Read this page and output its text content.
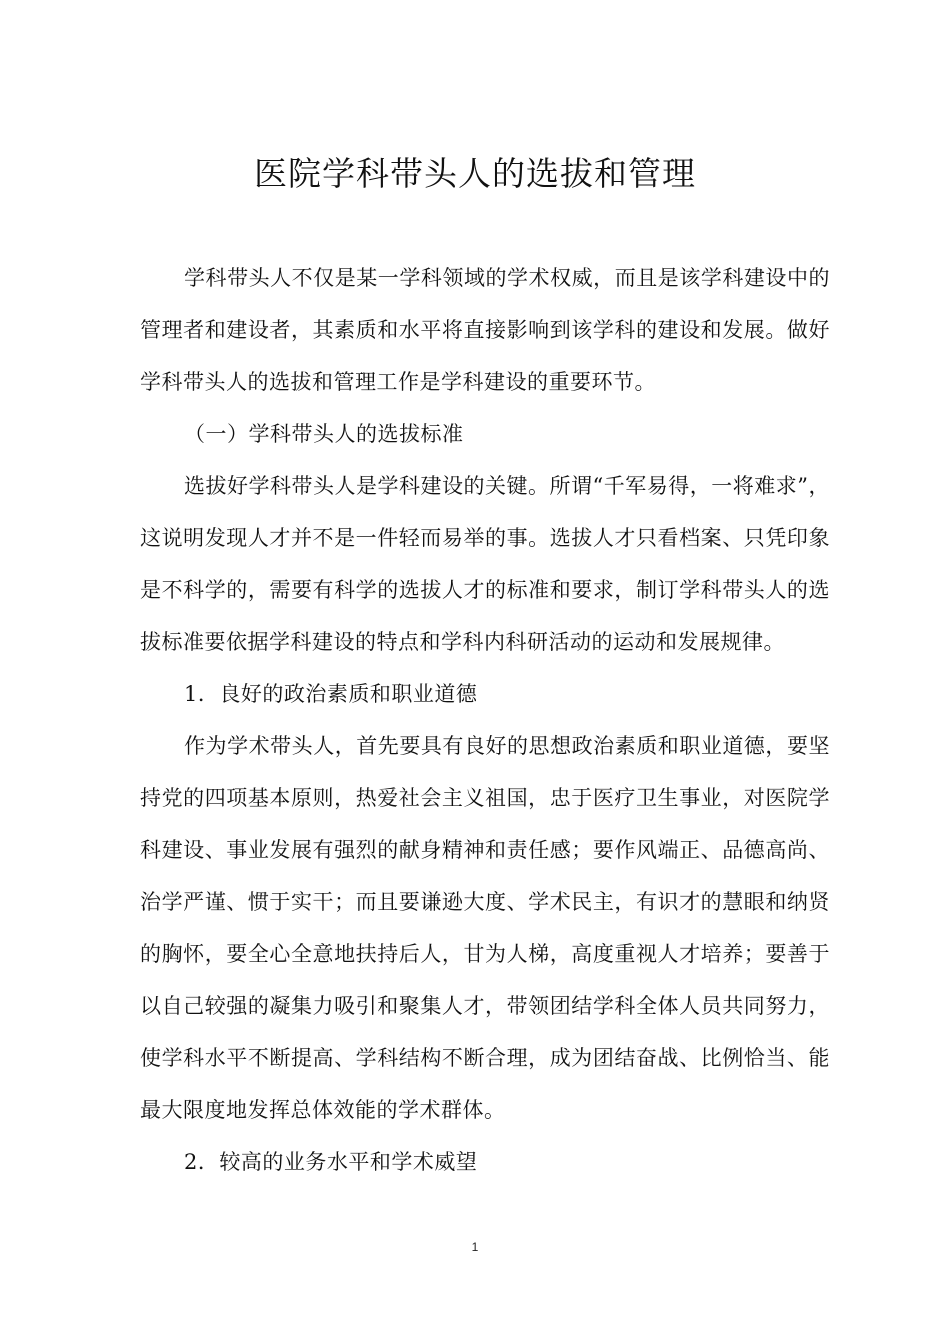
医院学科带头人的选拔和管理

学科带头人不仅是某一学科领域的学术权威，而且是该学科建设中的管理者和建设者，其素质和水平将直接影响到该学科的建设和发展。做好学科带头人的选拔和管理工作是学科建设的重要环节。

（一）学科带头人的选拔标准

选拔好学科带头人是学科建设的关键。所谓“千军易得，一将难求”，这说明发现人才并不是一件轻而易举的事。选拔人才只看档案、只凭印象是不科学的，需要有科学的选拔人才的标准和要求，制订学科带头人的选拔标准要依据学科建设的特点和学科内科研活动的运动和发展规律。

1．良好的政治素质和职业道德

作为学术带头人，首先要具有良好的思想政治素质和职业道德，要坚持党的四项基本原则，热爱社会主义祖国，忠于医疗卫生事业，对医院学科建设、事业发展有强烈的献身精神和责任感；要作风端正、品德高尚、治学严谨、惯于实干；而且要谦逊大度、学术民主，有识才的慧眼和纳贤的胸怀，要全心全意地扶持后人，甘为人梯，高度重视人才培养；要善于以自己较强的凝集力吸引和聚集人才，带领团结学科全体人员共同努力，使学科水平不断提高、学科结构不断合理，成为团结奋战、比例恰当、能最大限度地发挥总体效能的学术群体。

2．较高的业务水平和学术威望

1
